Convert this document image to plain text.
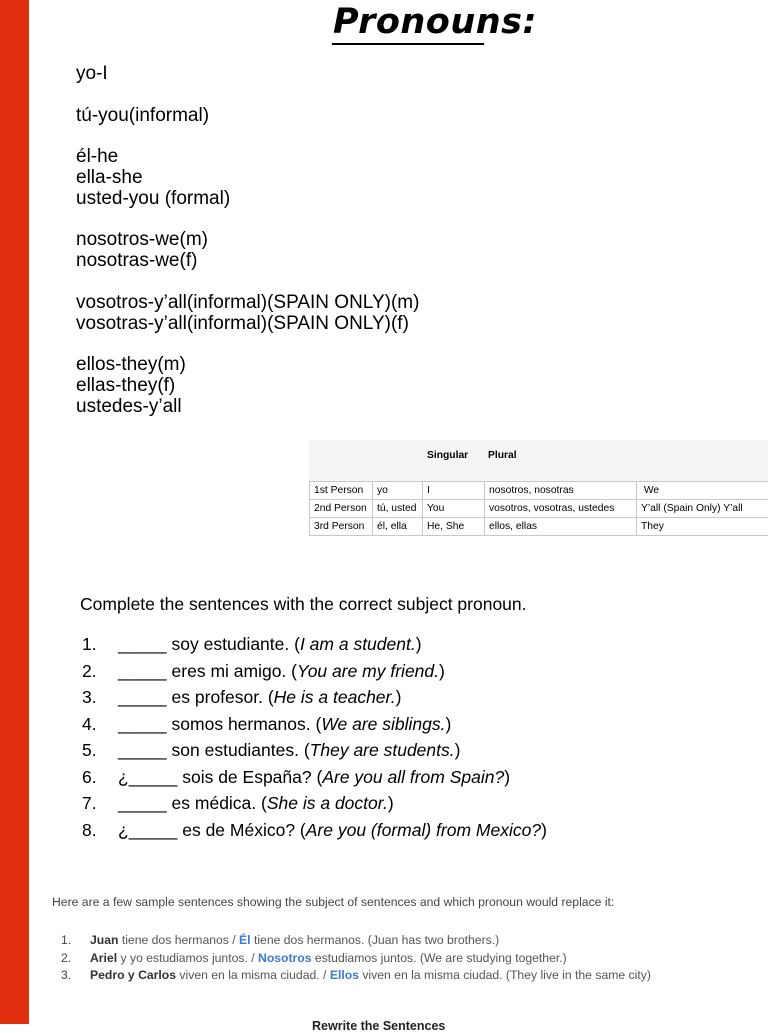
Pronouns:
yo-I
tú-you(informal)
él-he
ella-she
usted-you (formal)
nosotros-we(m)
nosotras-we(f)
vosotros-y’all(informal)(SPAIN ONLY)(m)
vosotras-y’all(informal)(SPAIN ONLY)(f)
ellos-they(m)
ellas-they(f)
ustedes-y’all
Singular Plural
1st Person	yo	I	nosotros, nosotras	We
2nd Person	tú, usted	You	vosotros, vosotras, ustedes	Y’all (Spain Only) Y’all
3rd Person	él, ella	He, She	ellos, ellas	They

Complete the sentences with the correct subject pronoun.

1. _____ soy estudiante. (I am a student.)
2. _____ eres mi amigo. (You are my friend.)
3. _____ es profesor. (He is a teacher.)
4. _____ somos hermanos. (We are siblings.)
5. _____ son estudiantes. (They are students.)
6. ¿_____ sois de España? (Are you all from Spain?)
7. _____ es médica. (She is a doctor.)
8. ¿_____ es de México? (Are you (formal) from Mexico?)

Here are a few sample sentences showing the subject of sentences and which pronoun would replace it:

1. Juan tiene dos hermanos / Él tiene dos hermanos. (Juan has two brothers.)
2. Ariel y yo estudiamos juntos. / Nosotros estudiamos juntos. (We are studying together.)
3. Pedro y Carlos viven en la misma ciudad. / Ellos viven en la misma ciudad. (They live in the same city)

Rewrite the Sentences
